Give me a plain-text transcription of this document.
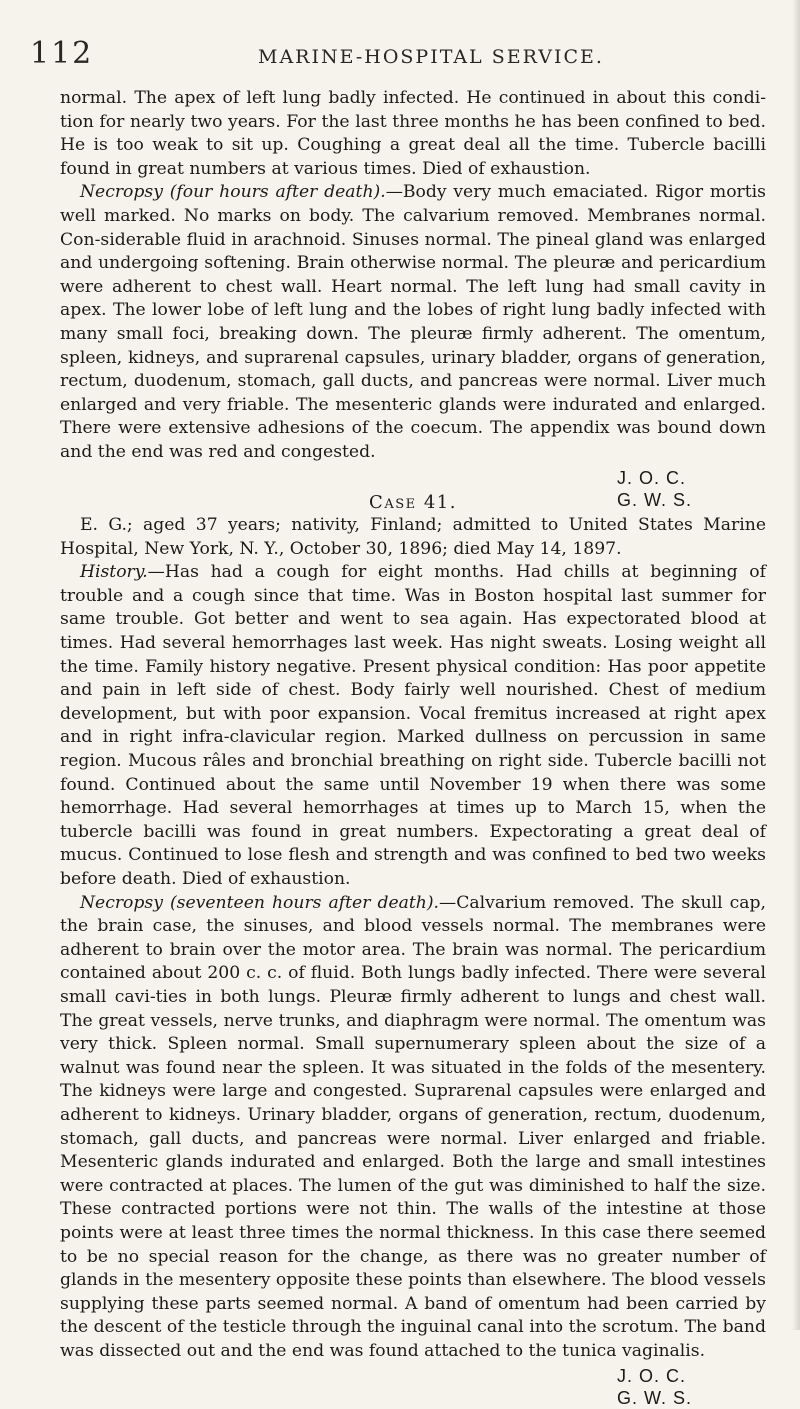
112	MARINE-HOSPITAL SERVICE.

normal. The apex of left lung badly infected. He continued in about this condi-tion for nearly two years. For the last three months he has been confined to bed. He is too weak to sit up. Coughing a great deal all the time. Tubercle bacilli found in great numbers at various times. Died of exhaustion.

Necropsy (four hours after death).—Body very much emaciated. Rigor mortis well marked. No marks on body. The calvarium removed. Membranes normal. Con-siderable fluid in arachnoid. Sinuses normal. The pineal gland was enlarged and undergoing softening. Brain otherwise normal. The pleuræ and pericardium were adherent to chest wall. Heart normal. The left lung had small cavity in apex. The lower lobe of left lung and the lobes of right lung badly infected with many small foci, breaking down. The pleuræ firmly adherent. The omentum, spleen, kidneys, and suprarenal capsules, urinary bladder, organs of generation, rectum, duodenum, stomach, gall ducts, and pancreas were normal. Liver much enlarged and very friable. The mesenteric glands were indurated and enlarged. There were extensive adhesions of the coecum. The appendix was bound down and the end was red and congested.

J. O. C.
G. W. S.

Case 41.

E. G.; aged 37 years; nativity, Finland; admitted to United States Marine Hospital, New York, N. Y., October 30, 1896; died May 14, 1897.

History.—Has had a cough for eight months. Had chills at beginning of trouble and a cough since that time. Was in Boston hospital last summer for same trouble. Got better and went to sea again. Has expectorated blood at times. Had several hemorrhages last week. Has night sweats. Losing weight all the time. Family history negative. Present physical condition: Has poor appetite and pain in left side of chest. Body fairly well nourished. Chest of medium development, but with poor expansion. Vocal fremitus increased at right apex and in right infra-clavicular region. Marked dullness on percussion in same region. Mucous râles and bronchial breathing on right side. Tubercle bacilli not found. Continued about the same until November 19 when there was some hemorrhage. Had several hemorrhages at times up to March 15, when the tubercle bacilli was found in great numbers. Expectorating a great deal of mucus. Continued to lose flesh and strength and was confined to bed two weeks before death. Died of exhaustion.

Necropsy (seventeen hours after death).—Calvarium removed. The skull cap, the brain case, the sinuses, and blood vessels normal. The membranes were adherent to brain over the motor area. The brain was normal. The pericardium contained about 200 c. c. of fluid. Both lungs badly infected. There were several small cavi-ties in both lungs. Pleuræ firmly adherent to lungs and chest wall. The great vessels, nerve trunks, and diaphragm were normal. The omentum was very thick. Spleen normal. Small supernumerary spleen about the size of a walnut was found near the spleen. It was situated in the folds of the mesentery. The kidneys were large and congested. Suprarenal capsules were enlarged and adherent to kidneys. Urinary bladder, organs of generation, rectum, duodenum, stomach, gall ducts, and pancreas were normal. Liver enlarged and friable. Mesenteric glands indurated and enlarged. Both the large and small intestines were contracted at places. The lumen of the gut was diminished to half the size. These contracted portions were not thin. The walls of the intestine at those points were at least three times the normal thickness. In this case there seemed to be no special reason for the change, as there was no greater number of glands in the mesentery opposite these points than elsewhere. The blood vessels supplying these parts seemed normal. A band of omentum had been carried by the descent of the testicle through the inguinal canal into the scrotum. The band was dissected out and the end was found attached to the tunica vaginalis.

J. O. C.
G. W. S.
